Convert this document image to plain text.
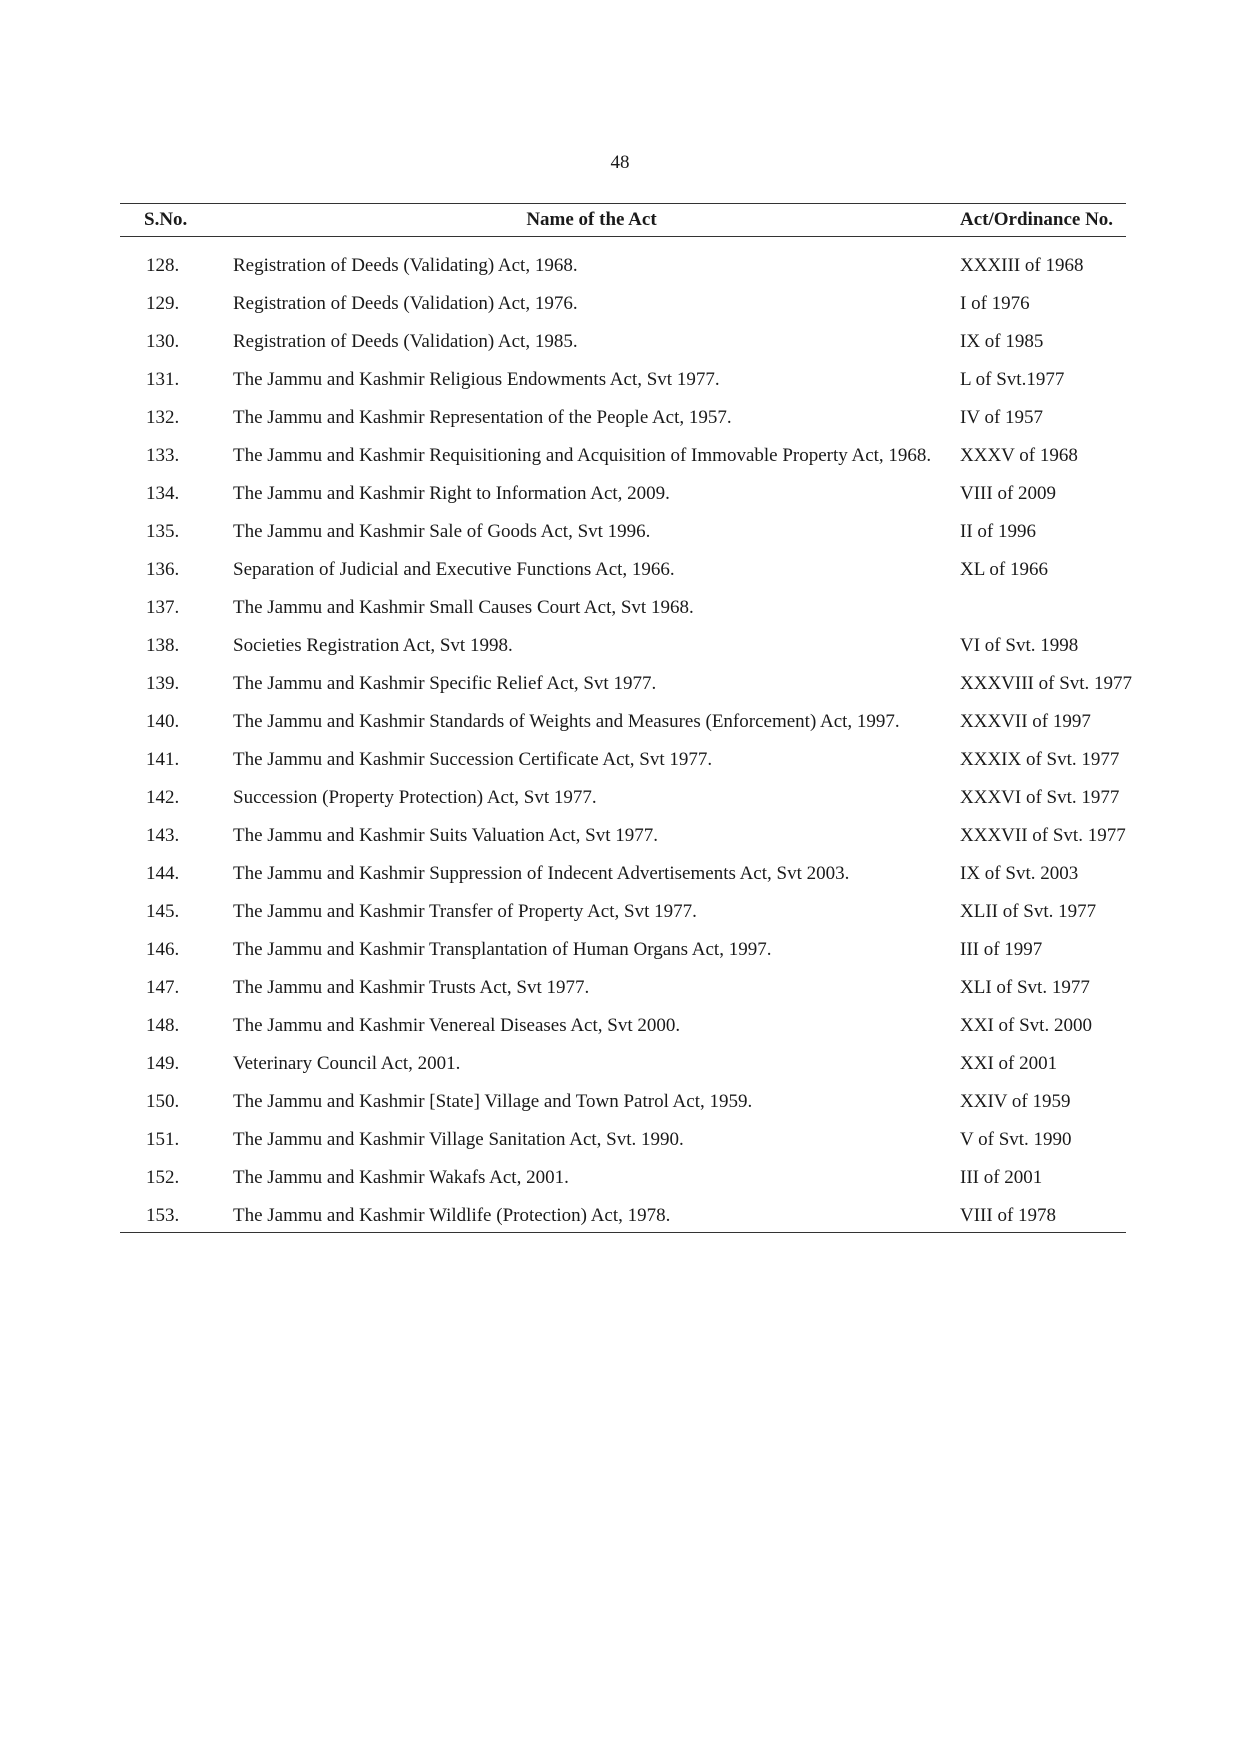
48
S.No.	Name of the Act	Act/Ordinance No.
128.	Registration of Deeds (Validating) Act, 1968.	XXXIII of 1968
129.	Registration of Deeds (Validation) Act, 1976.	I of 1976
130.	Registration of Deeds (Validation) Act, 1985.	IX of 1985
131.	The Jammu and Kashmir Religious Endowments Act, Svt 1977.	L of Svt.1977
132.	The Jammu and Kashmir Representation of the People Act, 1957.	IV of 1957
133.	The Jammu and Kashmir Requisitioning and Acquisition of Immovable Property Act, 1968.	XXXV of 1968
134.	The Jammu and Kashmir Right to Information Act, 2009.	VIII of 2009
135.	The Jammu and Kashmir Sale of Goods Act, Svt 1996.	II of 1996
136.	Separation of Judicial and Executive Functions Act, 1966.	XL of 1966
137.	The Jammu and Kashmir Small Causes Court Act, Svt 1968.	
138.	Societies Registration Act, Svt 1998.	VI of Svt. 1998
139.	The Jammu and Kashmir Specific Relief Act, Svt 1977.	XXXVIII of Svt. 1977
140.	The Jammu and Kashmir Standards of Weights and Measures (Enforcement) Act, 1997.	XXXVII of 1997
141.	The Jammu and Kashmir Succession Certificate Act, Svt 1977.	XXXIX of Svt. 1977
142.	Succession (Property Protection) Act, Svt 1977.	XXXVI of Svt. 1977
143.	The Jammu and Kashmir Suits Valuation Act, Svt 1977.	XXXVII of Svt. 1977
144.	The Jammu and Kashmir Suppression of Indecent Advertisements Act, Svt 2003.	IX of Svt. 2003
145.	The Jammu and Kashmir Transfer of Property Act, Svt 1977.	XLII of Svt. 1977
146.	The Jammu and Kashmir Transplantation of Human Organs Act, 1997.	III of 1997
147.	The Jammu and Kashmir Trusts Act, Svt 1977.	XLI of Svt. 1977
148.	The Jammu and Kashmir Venereal Diseases Act, Svt 2000.	XXI of Svt. 2000
149.	Veterinary Council Act, 2001.	XXI of 2001
150.	The Jammu and Kashmir [State] Village and Town Patrol Act, 1959.	XXIV of 1959
151.	The Jammu and Kashmir Village Sanitation Act, Svt. 1990.	V of Svt. 1990
152.	The Jammu and Kashmir Wakafs Act, 2001.	III of 2001
153.	The Jammu and Kashmir Wildlife (Protection) Act, 1978.	VIII of 1978
